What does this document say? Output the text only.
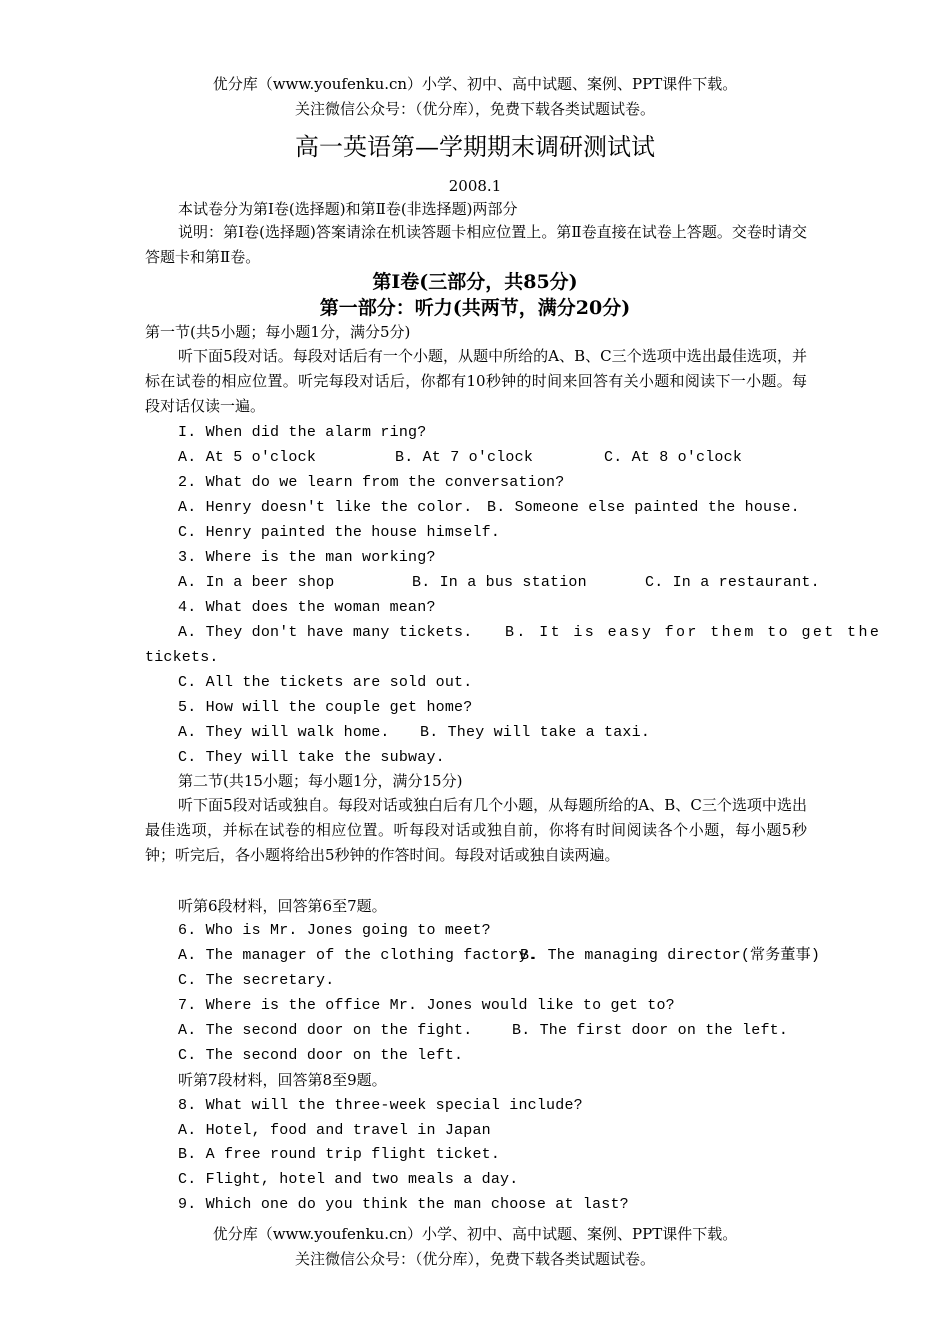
优分库（www.youfenku.cn）小学、初中、高中试题、案例、PPT课件下载。
关注微信公众号：（优分库），免费下载各类试题试卷。
高一英语第—学期期末调研测试试
2008.1
本试卷分为第Ⅰ卷(选择题)和第Ⅱ卷(非选择题)两部分
说明：第Ⅰ卷(选择题)答案请涂在机读答题卡相应位置上。第Ⅱ卷直接在试卷上答题。交卷时请交答题卡和第Ⅱ卷。
第Ⅰ卷(三部分，共85分)
第一部分：听力(共两节，满分20分)
第一节(共5小题；每小题1分，满分5分)
听下面5段对话。每段对话后有一个小题，从题中所给的A、B、C三个选项中选出最佳选项，并标在试卷的相应位置。听完每段对话后，你都有10秒钟的时间来回答有关小题和阅读下一小题。每段对话仅读一遍。
I. When did the alarm ring?
A. At 5 o'clock	B. At 7 o'clock	C. At 8 o'clock
2. What do we learn from the conversation?
A. Henry doesn't like the color. B. Someone else painted the house.
C. Henry painted the house himself.
3. Where is the man working?
A. In a beer shop	B. In a bus station	C. In a restaurant.
4. What does the woman mean?
A. They don't have many tickets. B. It is easy for them to get the
tickets.
C. All the tickets are sold out.
5. How will the couple get home?
A. They will walk home. B. They will take a taxi.
C. They will take the subway.
第二节(共15小题；每小题1分，满分15分)
听下面5段对话或独自。每段对话或独白后有几个小题，从每题所给的A、B、C三个选项中选出最佳选项，并标在试卷的相应位置。听每段对话或独自前，你将有时间阅读各个小题，每小题5秒钟；听完后，各小题将给出5秒钟的作答时间。每段对话或独自读两遍。
听第6段材料，回答第6至7题。
6. Who is Mr. Jones going to meet?
A. The manager of the clothing factory.
B. The managing director(常务董事)
C. The secretary.
7. Where is the office Mr. Jones would like to get to?
A. The second door on the fight.	B. The first door on the left.
C. The second door on the left.
听第7段材料，回答第8至9题。
8. What will the three-week special include?
A. Hotel, food and travel in Japan
B. A free round trip flight ticket.
C. Flight, hotel and two meals a day.
9. Which one do you think the man choose at last?
优分库（www.youfenku.cn）小学、初中、高中试题、案例、PPT课件下载。
关注微信公众号：（优分库），免费下载各类试题试卷。
